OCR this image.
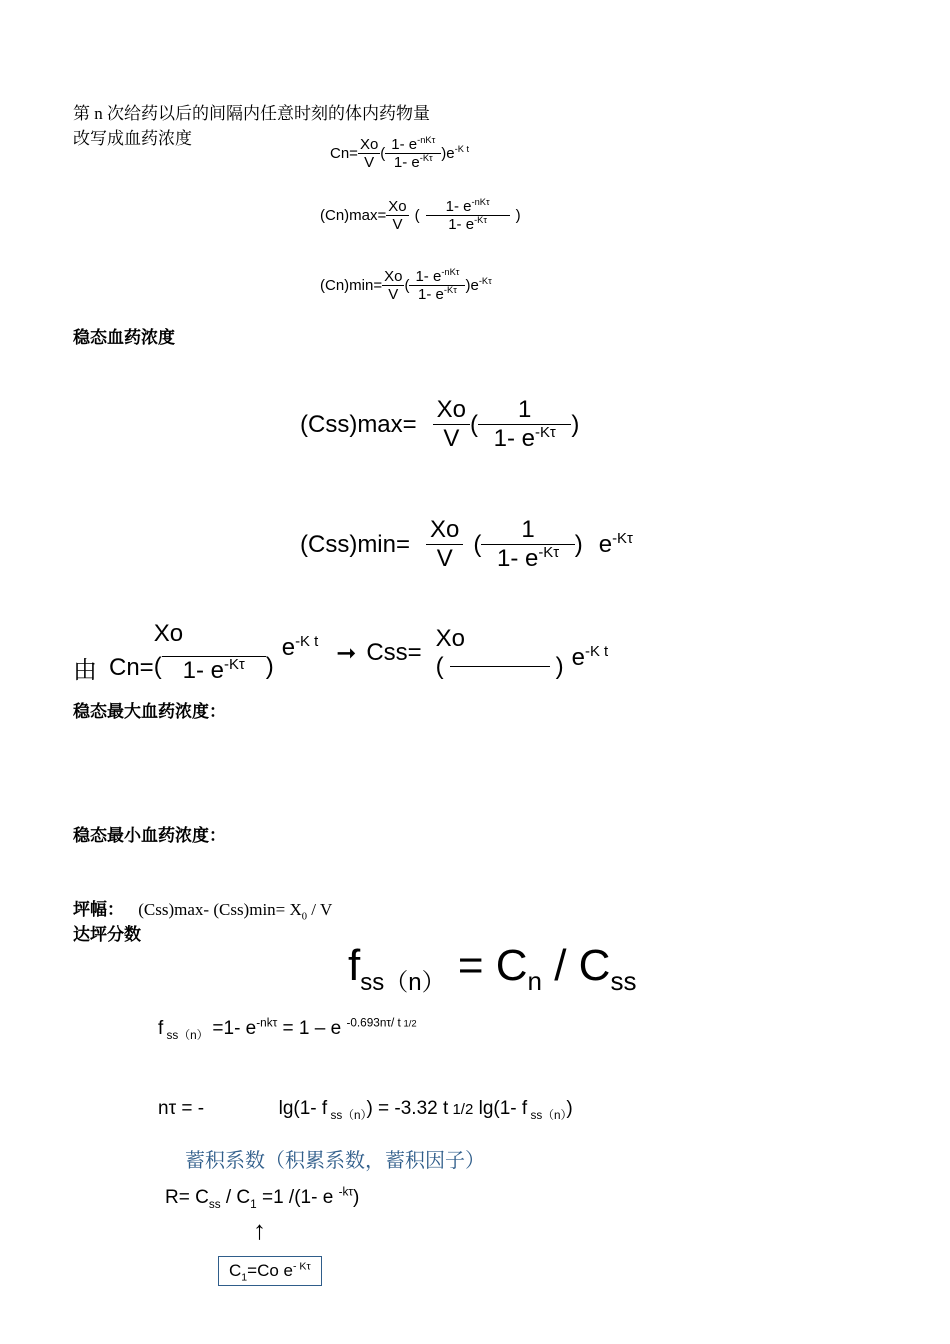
第 n 次给药以后的间隔内任意时刻的体内药物量
改写成血药浓度
$Cn= \frac{Xo}{V}$ ( $\frac{1- e^{-nK\tau}}{1- e^{-K\tau}}$ ) $e^{-K t}$
$(Cn)\max= \frac{Xo}{V}$ ( $\frac{1- e^{-nK\tau}}{1- e^{-K\tau}}$ )
$(Cn)\min= \frac{Xo}{V}$ ( $\frac{1- e^{-nK\tau}}{1- e^{-K\tau}}$ ) $e^{-K\tau}$
稳态血药浓度
$(Css)\max= \frac{Xo}{V}$ ( $\frac{1}{1- e^{-K\tau}}$ )
$(Css)\min= \frac{Xo}{V}$ ( $\frac{1}{1- e^{-K\tau}}$ ) $e^{-K\tau}$
由 Cn=
Xo
( 1- $e^{-K\tau}$ )
$e^{-K t}$ ➞ Css=
Xo
(	) $e^{-K t}$
稳态最大血药浓度：
稳态最小血药浓度：
坪幅： (Css)max- $(Css)\min= X_0 / V$
达坪分数
$f_{ss(n)} = C_n / C_{ss}$
f $_{ss(n)}$ =1- $e^{-nk\tau} = 1 - e$ $^{-0.693n\tau/ t}$ $^{1/2}$
nτ = -	lg(1- f $_{ss(n)}$) = -3.32 t 1/2 lg(1- f $_{ss(n)}$)
蓄积系数（积累系数，蓄积因子）
$R= C_{ss} / C_1 =1$ /(1- e $^{-k\tau}$)
↑
$C_1=Co$ $e^{- K\tau}$
